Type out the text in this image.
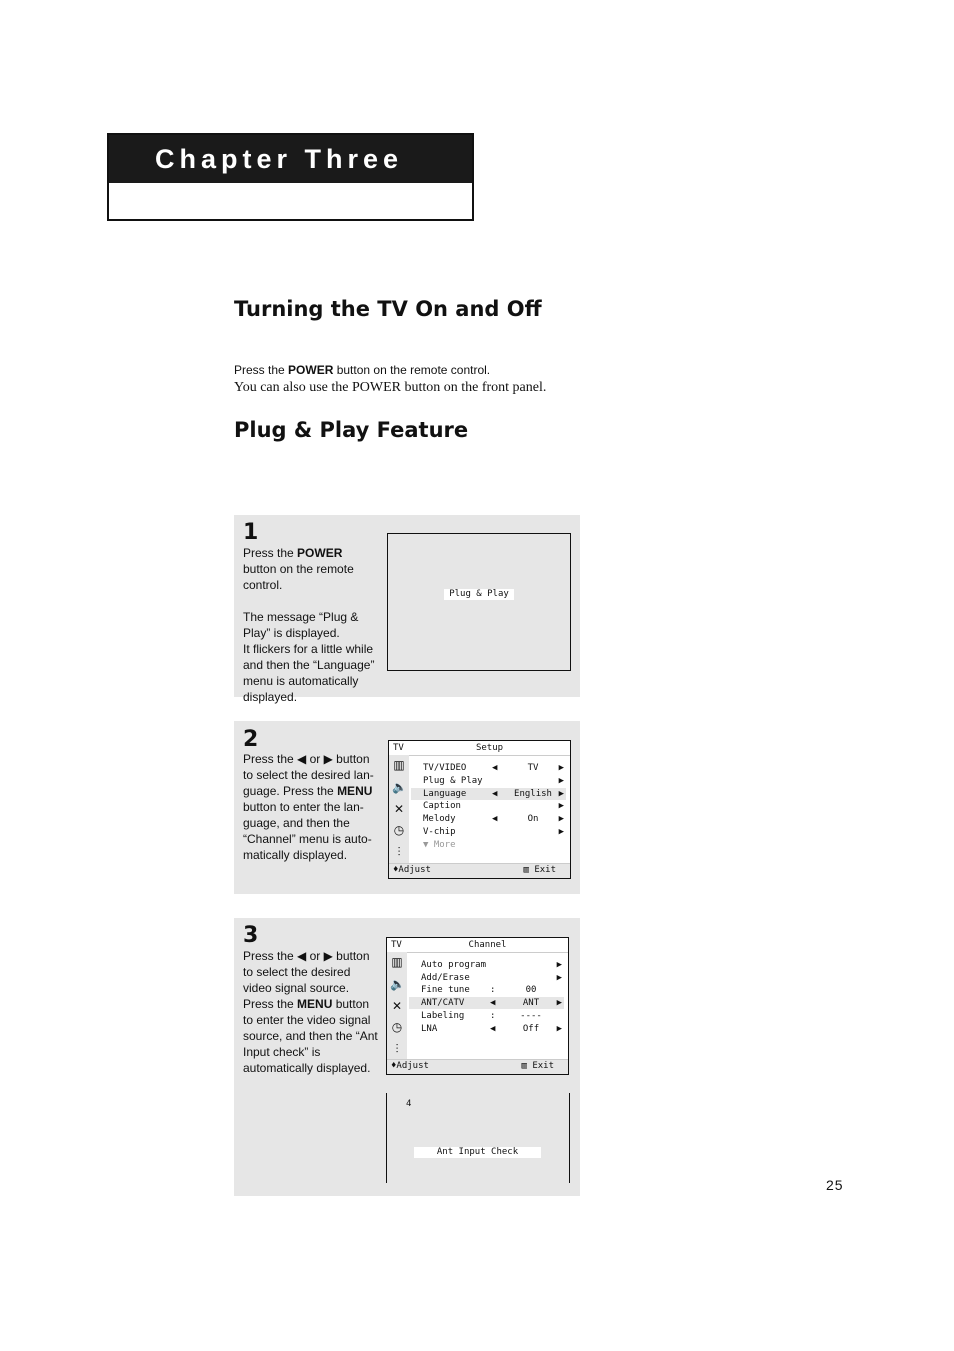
Chapter Three
Turning the TV On and Off
Press the POWER button on the remote control.
You can also use the POWER button on the front panel.
Plug & Play Feature
1
Press the POWER button on the remote control.

The message “Plug & Play” is displayed.
It flickers for a little while and then the “Language” menu is automatically displayed.
Plug & Play
2
Press the ◀ or ▶ button to select the desired lan-guage. Press the MENU button to enter the lan-guage, and then the “Channel” menu is auto-matically displayed.
TV	Setup
▥
🔈
✕
◷
⫶
♦Adjust	▥ Exit
TV/VIDEO	◀	TV	▶
Plug & Play	▶
Language	◀	English ▶
Caption	▶
Melody	◀	On	▶
V-chip	▶
▼ More
3
Press the ◀ or ▶ button to select the desired video signal source.
Press the MENU button to enter the video signal source, and then the “Ant Input check” is automatically displayed.
TV	Channel
▥
🔈
✕
◷
⫶
♦Adjust	▥ Exit
Auto program	▶
Add/Erase	▶
Fine tune :	00
ANT/CATV	◀	ANT	▶
Labeling	:	----
LNA	◀	Off	▶
4
Ant Input Check
25
